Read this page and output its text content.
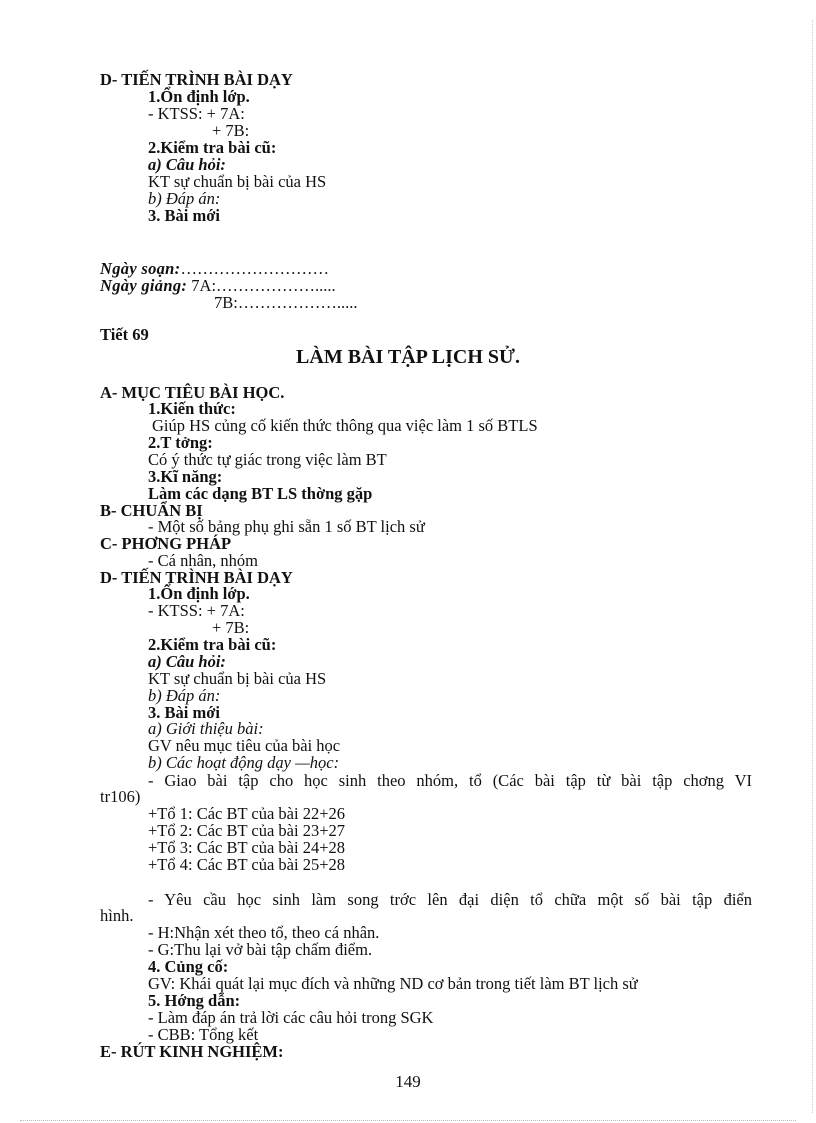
D- TIẾN TRÌNH BÀI DẠY
1.Ổn định lớp.
- KTSS: + 7A:
+ 7B:
2.Kiểm tra bài cũ:
a) Câu hỏi:
KT sự chuẩn bị bài của HS
b) Đáp án:
3. Bài mới
Ngày soạn:………………………
Ngày giảng: 7A:……………….....
7B:……………….....
Tiết 69
LÀM BÀI TẬP LỊCH SỬ.
A- MỤC TIÊU BÀI HỌC.
1.Kiến thức:
Giúp HS củng cố kiến thức thông qua việc làm 1 số BTLS
2.T tởng:
Có ý thức tự giác trong việc làm BT
3.Kĩ năng:
Làm các dạng BT LS thờng gặp
B- CHUẨN BỊ
- Một số bảng phụ ghi sẵn 1 số BT lịch sử
C- PHƠNG PHÁP
- Cá nhân, nhóm
D- TIẾN TRÌNH BÀI DẠY
1.Ổn định lớp.
- KTSS: + 7A:
+ 7B:
2.Kiểm tra bài cũ:
a) Câu hỏi:
KT sự chuẩn bị bài của HS
b) Đáp án:
3. Bài mới
a) Giới thiệu bài:
GV nêu mục tiêu của bài học
b) Các hoạt động dạy —học:
- Giao bài tập cho học sinh theo nhóm, tổ (Các bài tập từ bài tập chơng VI
tr106)
+Tổ 1: Các BT của bài 22+26
+Tổ 2: Các BT của bài 23+27
+Tổ 3: Các BT của bài 24+28
+Tổ 4: Các BT của bài 25+28
- Yêu cầu học sinh làm song trớc lên đại diện tổ chữa một số bài tập điển
hình.
- H:Nhận xét theo tổ, theo cá nhân.
- G:Thu lại vở bài tập chấm điểm.
4. Củng cố:
GV: Khái quát lại mục đích và những ND cơ bản trong tiết làm BT lịch sử
5. Hớng dẫn:
- Làm đáp án trả lời các câu hỏi trong SGK
- CBB: Tổng kết
E- RÚT KINH NGHIỆM:
149
